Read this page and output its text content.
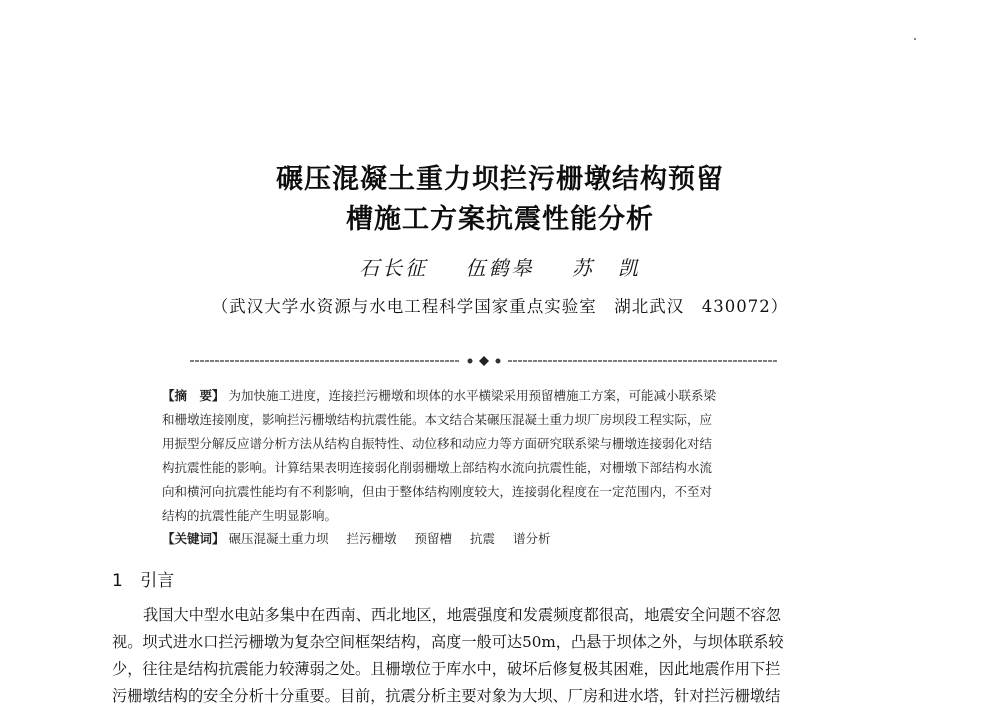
碾压混凝土重力坝拦污栅墩结构预留
槽施工方案抗震性能分析
石长征 伍鹤皋 苏　凯
（武汉大学水资源与水电工程科学国家重点实验室　湖北武汉　430072）
【摘　要】 为加快施工进度，连接拦污栅墩和坝体的水平横梁采用预留槽施工方案，可能减小联系梁
和栅墩连接刚度，影响拦污栅墩结构抗震性能。本文结合某碾压混凝土重力坝厂房坝段工程实际，应
用振型分解反应谱分析方法从结构自振特性、动位移和动应力等方面研究联系梁与栅墩连接弱化对结
构抗震性能的影响。计算结果表明连接弱化削弱栅墩上部结构水流向抗震性能，对栅墩下部结构水流
向和横河向抗震性能均有不利影响，但由于整体结构刚度较大，连接弱化程度在一定范围内，不至对
结构的抗震性能产生明显影响。
【关键词】 碾压混凝土重力坝 拦污栅墩 预留槽 抗震 谱分析
1 引言
我国大中型水电站多集中在西南、西北地区，地震强度和发震频度都很高，地震安全问题不容忽
视。坝式进水口拦污栅墩为复杂空间框架结构，高度一般可达50m，凸悬于坝体之外，与坝体联系较
少，往往是结构抗震能力较薄弱之处。且栅墩位于库水中，破坏后修复极其困难，因此地震作用下拦
污栅墩结构的安全分析十分重要。目前，抗震分析主要对象为大坝、厂房和进水塔，针对拦污栅墩结
